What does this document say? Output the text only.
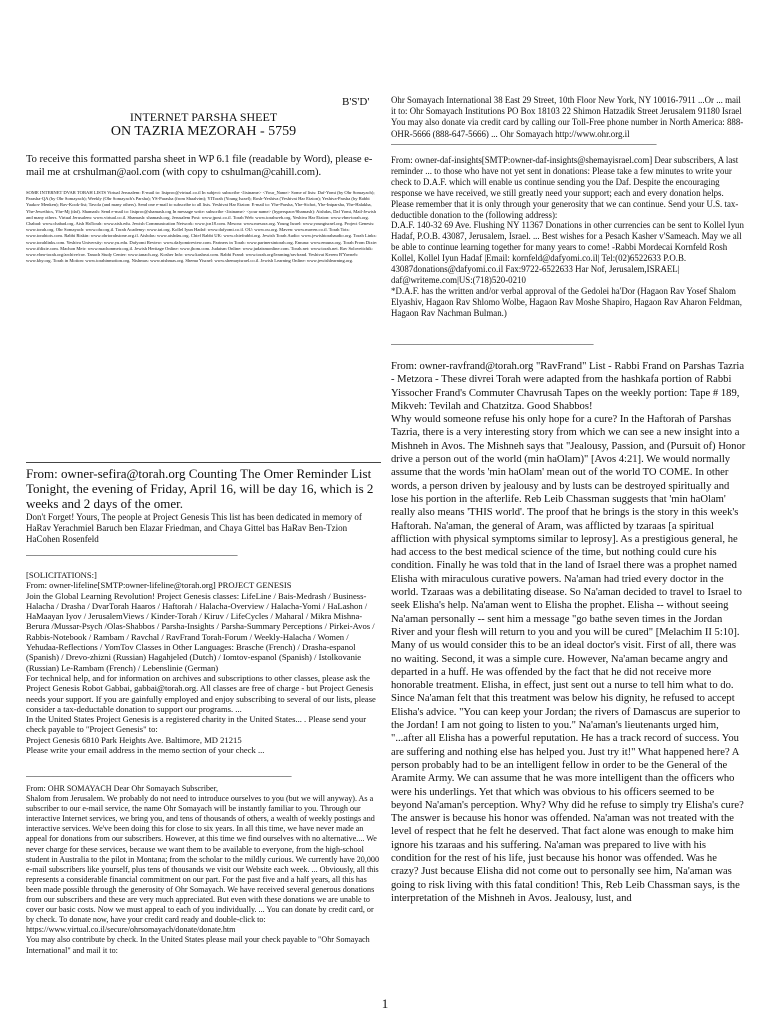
B'S'D'

INTERNET PARSHA SHEET

ON TAZRIA MEZORAH - 5759

To receive this formatted parsha sheet in WP 6.1 file (readable by Word), please e-mail me at crshulman@aol.com (with copy to cshulman@cahill.com).

SOME INTERNET DVAR TORAH LISTS Virtual Jerusalem: E-mail to: listproc@virtual.co.il In subject: subscribe <listname> <Your_Name> Some of lists: Daf-Yomi (by Ohr Somayach); Parasha-QA (by Ohr Somayach); Weekly (Ohr Somayach's Parsha); YS-Parasha (from Shaalvim); YITorah (Young Israel); Rosh-Yeshiva (Yeshivat Har Etzion); Yeshiva-Parsha (by Rabbi Yaakov Menken); Rav-Kook-list; Tavola (and many others). Send one e-mail to subscribe to all lists. Yeshivat Har Etzion: E-mail to: Yhe-Parsha, Yhe-Sichot, Yhe-Intparsha, Yhe-Halakha, Yhe-Jewethics, Yhe-Mj (daf). Shamash: Send e-mail to: listproc@shamash.org In message write: subscribe <listname> <your name> (hyperspace/Shamash): Aishdas, Daf Yomi, Mail-Jewish and many others. Virtual Jerusalem: www.virtual.co.il. Shamash: shamash.org. Jerusalem Post: www.jpost.co.il. Torah Web: www.torahweb.org. Yeshiva Har Etzion: www.vbm-torah.org. Chabad: www.chabad.org. Aish HaTorah: www.aish.edu. Jewish Communication Network: www.jcn18.com. Mesora: www.mesora.org. Young Israel: www.youngisrael.org. Project Genesis: www.torah.org. Ohr Somayach: www.ohr.org.il. Torah Academy: www.tat.org. Kollel Iyun Hadaf: www.dafyomi.co.il. OU: www.ou.org. Maven: www.maven.co.il. Torah Tots: www.torahtots.com. Rabbi Riskin: www.ohrtorahstone.org.il. Aishdas: www.aishdas.org. Chief Rabbi UK: www.chiefrabbi.org. Jewish Torah Audio: www.jewishtorahaudio.org. Torah Links: www.torahlinks.com. Yeshiva University: www.yu.edu. Dafyomi Review: www.dafyomireview.com. Partners in Torah: www.partnersintorah.org. Emuna: www.emuna.org. Torah From Dixie: www.tfdixie.com. Machon Meir: www.machonmeir.org.il. Jewish Heritage Online: www.jhom.com. Judaism Online: www.judaismonline.com. Torah.net: www.torah.net. Rav Soloveitchik: www.vbm-torah.org/archive/rav. Tanach Study Center: www.tanach.org. Kosher Info: www.kashrut.com. Rabbi Frand: www.torah.org/learning/ravfrand. Yeshivat Kerem B'Yavneh: www.kby.org. Torah in Motion: www.torahinmotion.org. Nishmas: www.nishmas.org. Shema Yisrael: www.shemayisrael.co.il. Jewish Learning Online: www.jewishlearning.org.

From: owner-sefira@torah.org Counting The Omer Reminder List Tonight, the evening of Friday, April 16, will be day 16, which is 2 weeks and 2 days of the omer.

Don't Forget! Yours, The people at Project Genesis This list has been dedicated in memory of HaRav Yerachmiel Baruch ben Elazar Friedman, and Chaya Gittel bas HaRav Ben-Tzion HaCohen Rosenfeld

_______________________________________________

[SOLICITATIONS:]
From: owner-lifeline[SMTP:owner-lifeline@torah.org] PROJECT GENESIS
Join the Global Learning Revolution! Project Genesis classes: LifeLine / Bais-Medrash / Business-Halacha / Drasha / DvarTorah Haaros / Haftorah / Halacha-Overview / Halacha-Yomi / HaLashon / HaMaayan Iyov / JerusalemViews / Kinder-Torah / Kiruv / LifeCycles / Maharal / Mikra Mishna-Berura /Mussar-Psych /Olas-Shabbos / Parsha-Insights / Parsha-Summary Perceptions / Pirkei-Avos / Rabbis-Notebook / Rambam / Ravchal / RavFrand Torah-Forum / Weekly-Halacha / Women / Yehudaa-Reflections / YomTov Classes in Other Languages: Brasche (French) / Drasha-espanol (Spanish) / Drevo-zhizni (Russian) Hagahjeled (Dutch) / Iomtov-espanol (Spanish) / Istolkovanie (Russian) Le-Rambam (French) / Lebenslinie (German)
For technical help, and for information on archives and subscriptions to other classes, please ask the Project Genesis Robot Gabbai, gabbai@torah.org. All classes are free of charge - but Project Genesis needs your support. If you are gainfully employed and enjoy subscribing to several of our lists, please consider a tax-deductable donation to support our programs. ...
In the United States Project Genesis is a registered charity in the United States... . Please send your check payable to "Project Genesis" to:
Project Genesis 6810 Park Heights Ave. Baltimore, MD 21215
Please write your email address in the memo section of your check ...

___________________________________________________________

From: OHR SOMAYACH Dear Ohr Somayach Subscriber,
Shalom from Jerusalem. We probably do not need to introduce ourselves to you (but we will anyway). As a subscriber to our e-mail service, the name Ohr Somayach will be instantly familiar to you. Through our interactive Internet services, we bring you, and tens of thousands of others, a wealth of weekly postings and interactive services. We've been doing this for close to six years. In all this time, we have never made an appeal for donations from our subscribers. However, at this time we find ourselves with no alternative.... We never charge for these services, because we want them to be available to everyone, from the high-school student in Australia to the pilot in Montana; from the scholar to the mildly curious. We currently have 20,000 e-mail subscribers like yourself, plus tens of thousands we visit our Website each week. ... Obviously, all this represents a considerable financial commitment on our part. For the past five and a half years, all this has been made possible through the generosity of Ohr Somayach. We have received several generous donations from our subscribers and these are very much appreciated. But even with these donations we are unable to cover our basic costs. Now we must appeal to each of you individually. ... You can donate by credit card, or by check. To donate now, have your credit card ready and double-click to: https://www.virtual.co.il/secure/ohrsomayach/donate/donate.htm
You may also contribute by check. In the United States please mail your check payable to "Ohr Somayach International" and mail it to:

Ohr Somayach International 38 East 29 Street, 10th Floor New York, NY 10016-7911 ...Or ... mail it to: Ohr Somayach Institutions PO Box 18103 22 Shimon Hatzadik Street Jerusalem 91180 Israel You may also donate via credit card by calling our Toll-Free phone number in North America: 888-OHR-5666 (888-647-5666) ... Ohr Somayach http://www.ohr.org.il

___________________________________________________________

From: owner-daf-insights[SMTP:owner-daf-insights@shemayisrael.com] Dear subscribers, A last reminder ... to those who have not yet sent in donations: Please take a few minutes to write your check to D.A.F. which will enable us continue sending you the Daf. Despite the encouraging response we have received, we still greatly need your support; each and every donation helps. Please remember that it is only through your generosity that we can continue. Send your U.S. tax-deductible donation to the (following address):
D.A.F. 140-32 69 Ave. Flushing NY 11367 Donations in other currencies can be sent to Kollel Iyun Hadaf, P.O.B. 43087, Jerusalem, Israel. ... Best wishes for a Pesach Kasher v'Sameach. May we all be able to continue learning together for many years to come! -Rabbi Mordecai Kornfeld Rosh Kollel, Kollel Iyun Hadaf |Email: kornfeld@dafyomi.co.il| Tel:(02)6522633 P.O.B. 43087donations@dafyomi.co.il Fax:9722-6522633 Har Nof, Jerusalem,ISRAEL| daf@writeme.com|US:(718)520-0210
*D.A.F. has the written and/or verbal approval of the Gedolei ha'Dor (Hagaon Rav Yosef Shalom Elyashiv, Hagaon Rav Shlomo Wolbe, Hagaon Rav Moshe Shapiro, Hagaon Rav Aharon Feldman, Hagaon Rav Nachman Bulman.)

_____________________________________________

From: owner-ravfrand@torah.org "RavFrand" List - Rabbi Frand on Parshas Tazria - Metzora - These divrei Torah were adapted from the hashkafa portion of Rabbi Yissocher Frand's Commuter Chavrusah Tapes on the weekly portion: Tape # 189, Mikveh: Tevilah and Chatzitza. Good Shabbos!
Why would someone refuse his only hope for a cure? In the Haftorah of Parshas Tazria, there is a very interesting story from which we can see a new insight into a Mishneh in Avos. The Mishneh says that "Jealousy, Passion, and (Pursuit of) Honor drive a person out of the world (min haOlam)" [Avos 4:21]. We would normally assume that the words 'min haOlam' mean out of the world TO COME. In other words, a person driven by jealousy and by lusts can be destroyed spiritually and lose his portion in the afterlife. Reb Leib Chassman suggests that 'min haOlam' really also means 'THIS world'. The proof that he brings is the story in this week's Haftorah. Na'aman, the general of Aram, was afflicted by tzaraas [a spiritual affliction with physical symptoms similar to leprosy]. As a prestigious general, he had access to the best medical science of the time, but nothing could cure his condition. Finally he was told that in the land of Israel there was a prophet named Elisha with miraculous curative powers. Na'aman had tried every doctor in the world. Tzaraas was a debilitating disease. So Na'aman decided to travel to Israel to seek Elisha's help. Na'aman went to Elisha the prophet. Elisha -- without seeing Na'aman personally -- sent him a message "go bathe seven times in the Jordan River and your flesh will return to you and you will be cured" [Melachim II 5:10]. Many of us would consider this to be an ideal doctor's visit. First of all, there was no waiting. Second, it was a simple cure. However, Na'aman became angry and departed in a huff. He was offended by the fact that he did not receive more honorable treatment. Elisha, in effect, just sent out a nurse to tell him what to do. Since Na'aman felt that this treatment was below his dignity, he refused to accept Elisha's advice. "You can keep your Jordan; the rivers of Damascus are superior to the Jordan! I am not going to listen to you." Na'aman's lieutenants urged him, "...after all Elisha has a powerful reputation. He has a track record of success. You are suffering and nothing else has helped you. Just try it!" What happened here? A person probably had to be an intelligent fellow in order to be the General of the Aramite Army. We can assume that he was more intelligent than the officers who were his underlings. Yet that which was obvious to his officers seemed to be beyond Na'aman's perception. Why? Why did he refuse to simply try Elisha's cure? The answer is because his honor was offended. Na'aman was not treated with the level of respect that he felt he deserved. That fact alone was enough to make him ignore his tzaraas and his suffering. Na'aman was prepared to live with his condition for the rest of his life, just because his honor was offended. Was he crazy? Just because Elisha did not come out to personally see him, Na'aman was going to risk living with this fatal condition! This, Reb Leib Chassman says, is the interpretation of the Mishneh in Avos. Jealousy, lust, and

1
